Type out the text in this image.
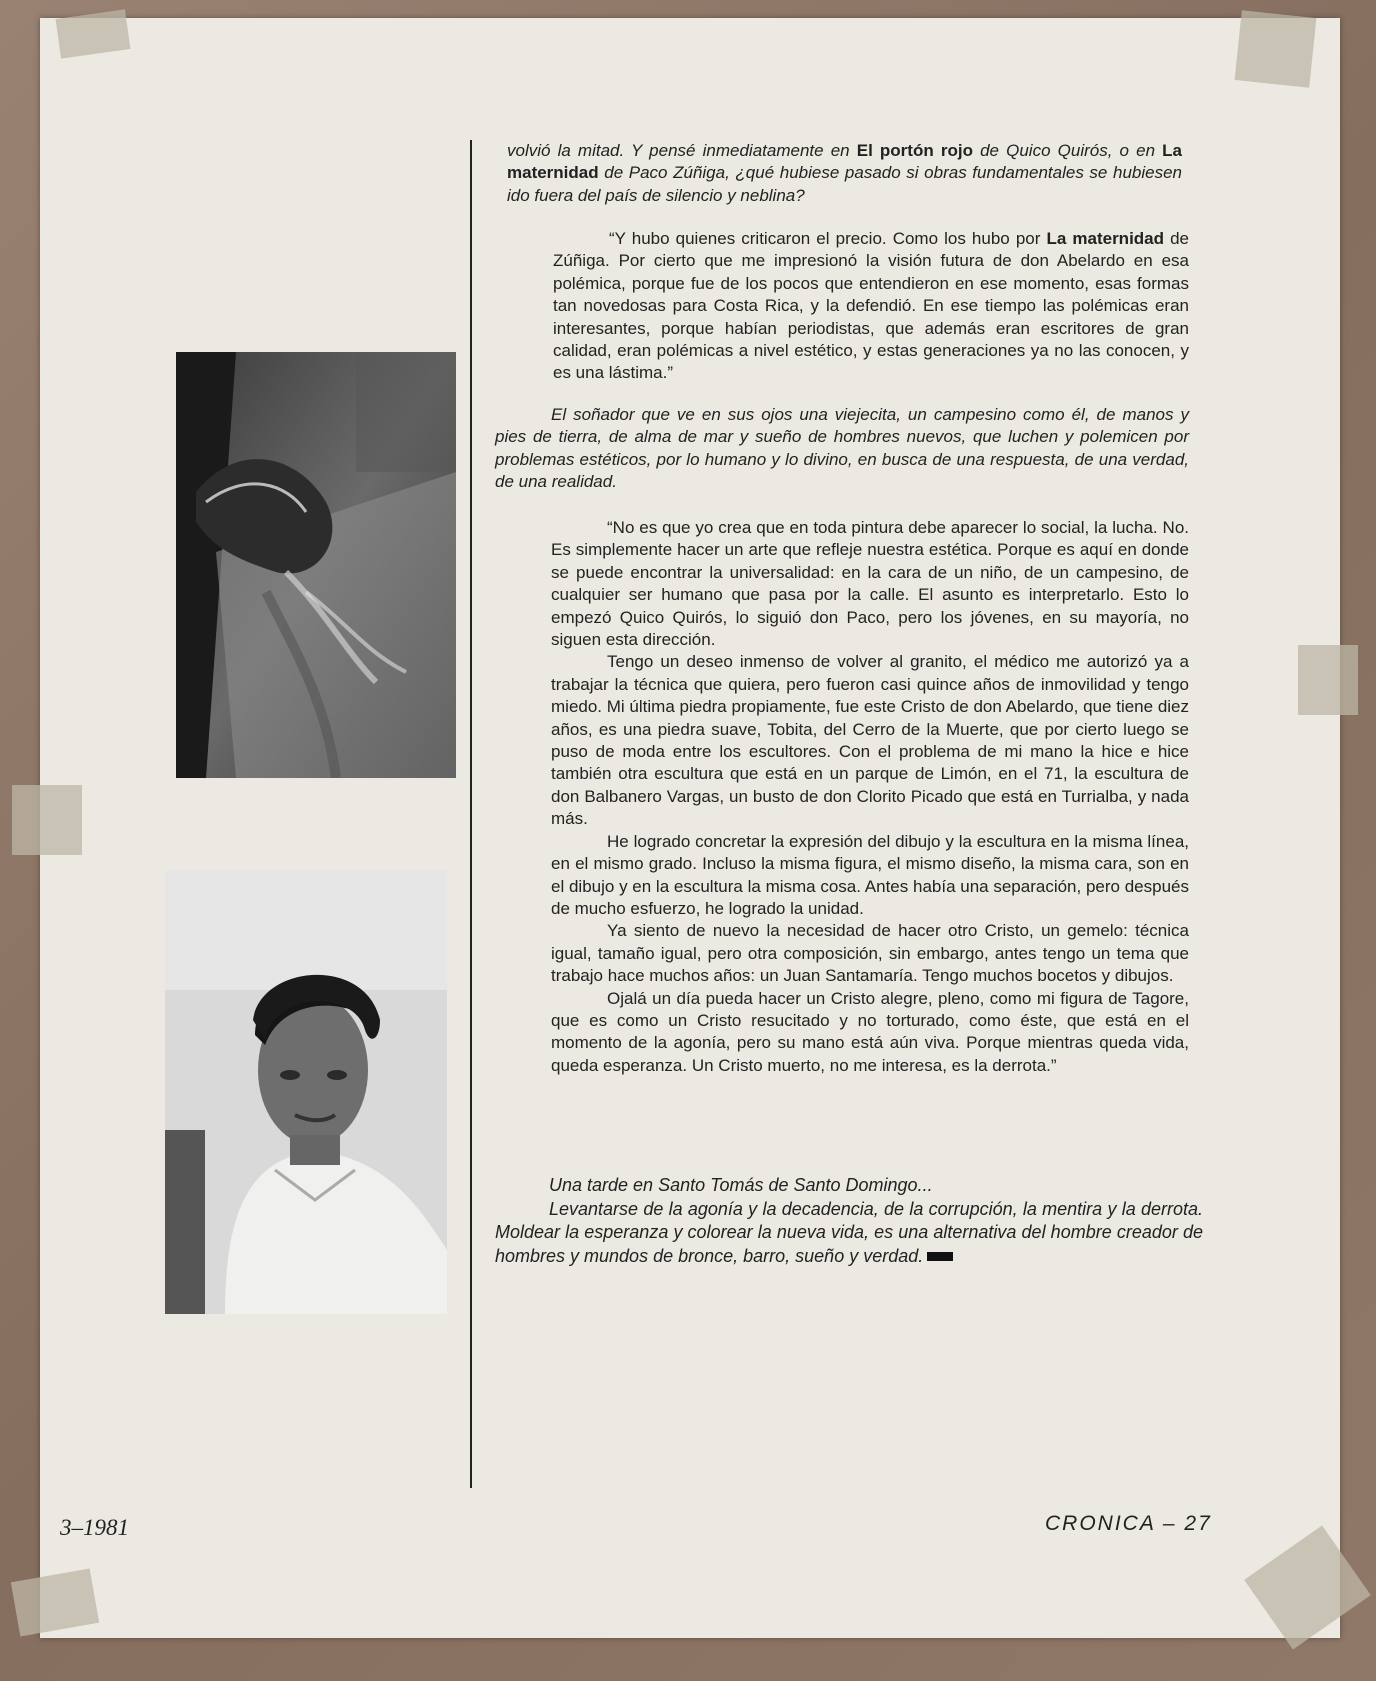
volvió la mitad. Y pensé inmediatamente en El portón rojo de Quico Quirós, o en La maternidad de Paco Zúñiga, ¿qué hubiese pasado si obras fundamentales se hubiesen ido fuera del país de silencio y neblina?

“Y hubo quienes criticaron el precio. Como los hubo por La maternidad de Zúñiga. Por cierto que me impresionó la visión futura de don Abelardo en esa polémica, porque fue de los pocos que entendieron en ese momento, esas formas tan novedosas para Costa Rica, y la defendió. En ese tiempo las polémicas eran interesantes, porque habían periodistas, que además eran escritores de gran calidad, eran polémicas a nivel estético, y estas generaciones ya no las conocen, y es una lástima.”

El soñador que ve en sus ojos una viejecita, un campesino como él, de manos y pies de tierra, de alma de mar y sueño de hombres nuevos, que luchen y polemicen por problemas estéticos, por lo humano y lo divino, en busca de una respuesta, de una verdad, de una realidad.

“No es que yo crea que en toda pintura debe aparecer lo social, la lucha. No. Es simplemente hacer un arte que refleje nuestra estética. Porque es aquí en donde se puede encontrar la universalidad: en la cara de un niño, de un campesino, de cualquier ser humano que pasa por la calle. El asunto es interpretarlo. Esto lo empezó Quico Quirós, lo siguió don Paco, pero los jóvenes, en su mayoría, no siguen esta dirección.

Tengo un deseo inmenso de volver al granito, el médico me autorizó ya a trabajar la técnica que quiera, pero fueron casi quince años de inmovilidad y tengo miedo. Mi última piedra propiamente, fue este Cristo de don Abelardo, que tiene diez años, es una piedra suave, Tobita, del Cerro de la Muerte, que por cierto luego se puso de moda entre los escultores. Con el problema de mi mano la hice e hice también otra escultura que está en un parque de Limón, en el 71, la escultura de don Balbanero Vargas, un busto de don Clorito Picado que está en Turrialba, y nada más.

He logrado concretar la expresión del dibujo y la escultura en la misma línea, en el mismo grado. Incluso la misma figura, el mismo diseño, la misma cara, son en el dibujo y en la escultura la misma cosa. Antes había una separación, pero después de mucho esfuerzo, he logrado la unidad.

Ya siento de nuevo la necesidad de hacer otro Cristo, un gemelo: técnica igual, tamaño igual, pero otra composición, sin embargo, antes tengo un tema que trabajo hace muchos años: un Juan Santamaría. Tengo muchos bocetos y dibujos.

Ojalá un día pueda hacer un Cristo alegre, pleno, como mi figura de Tagore, que es como un Cristo resucitado y no torturado, como éste, que está en el momento de la agonía, pero su mano está aún viva. Porque mientras queda vida, queda esperanza. Un Cristo muerto, no me interesa, es la derrota.”

Una tarde en Santo Tomás de Santo Domingo...

Levantarse de la agonía y la decadencia, de la corrupción, la mentira y la derrota. Moldear la esperanza y colorear la nueva vida, es una alternativa del hombre creador de hombres y mundos de bronce, barro, sueño y verdad.

3–1981	CRONICA – 27
